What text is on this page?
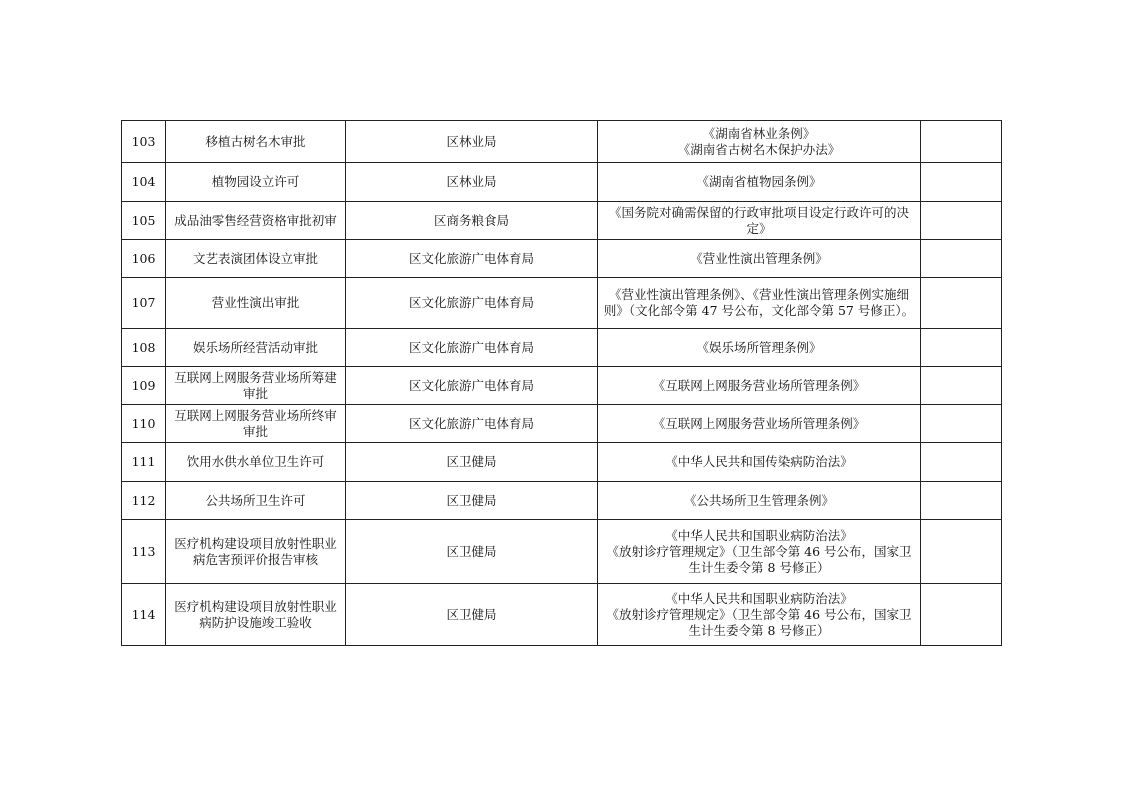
103	移植古树名木审批	区林业局	《湖南省林业条例》
《湖南省古树名木保护办法》	

104	植物园设立许可	区林业局	《湖南省植物园条例》	

105	成品油零售经营资格审批初审	区商务粮食局	《国务院对确需保留的行政审批项目设定行政许可的决定》	

106	文艺表演团体设立审批	区文化旅游广电体育局	《营业性演出管理条例》	

107	营业性演出审批	区文化旅游广电体育局	《营业性演出管理条例》、《营业性演出管理条例实施细则》（文化部令第 47 号公布，文化部令第 57 号修正）。	

108	娱乐场所经营活动审批	区文化旅游广电体育局	《娱乐场所管理条例》	

109	互联网上网服务营业场所筹建审批	区文化旅游广电体育局	《互联网上网服务营业场所管理条例》	

110	互联网上网服务营业场所终审审批	区文化旅游广电体育局	《互联网上网服务营业场所管理条例》	

111	饮用水供水单位卫生许可	区卫健局	《中华人民共和国传染病防治法》	

112	公共场所卫生许可	区卫健局	《公共场所卫生管理条例》	

113	医疗机构建设项目放射性职业病危害预评价报告审核	区卫健局	《中华人民共和国职业病防治法》
《放射诊疗管理规定》（卫生部令第 46 号公布，国家卫生计生委令第 8 号修正）	

114	医疗机构建设项目放射性职业病防护设施竣工验收	区卫健局	《中华人民共和国职业病防治法》
《放射诊疗管理规定》（卫生部令第 46 号公布，国家卫生计生委令第 8 号修正）	
